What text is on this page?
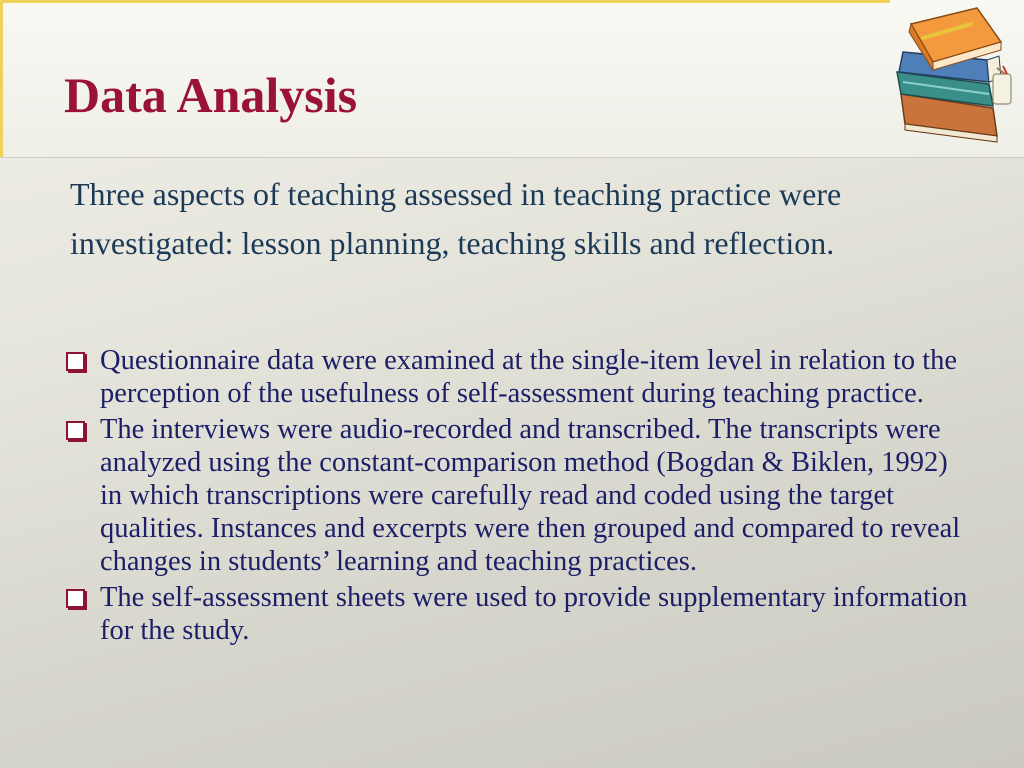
Data Analysis

Three aspects of teaching assessed in teaching practice were investigated: lesson planning, teaching skills and reflection.

Questionnaire data were examined at the single-item level in relation to the perception of the usefulness of self-assessment during teaching practice.
The interviews were audio-recorded and transcribed. The transcripts were analyzed using the constant-comparison method (Bogdan & Biklen, 1992) in which transcriptions were carefully read and coded using the target qualities. Instances and excerpts were then grouped and compared to reveal changes in students’ learning and teaching practices.
The self-assessment sheets were used to provide supplementary information for the study.
